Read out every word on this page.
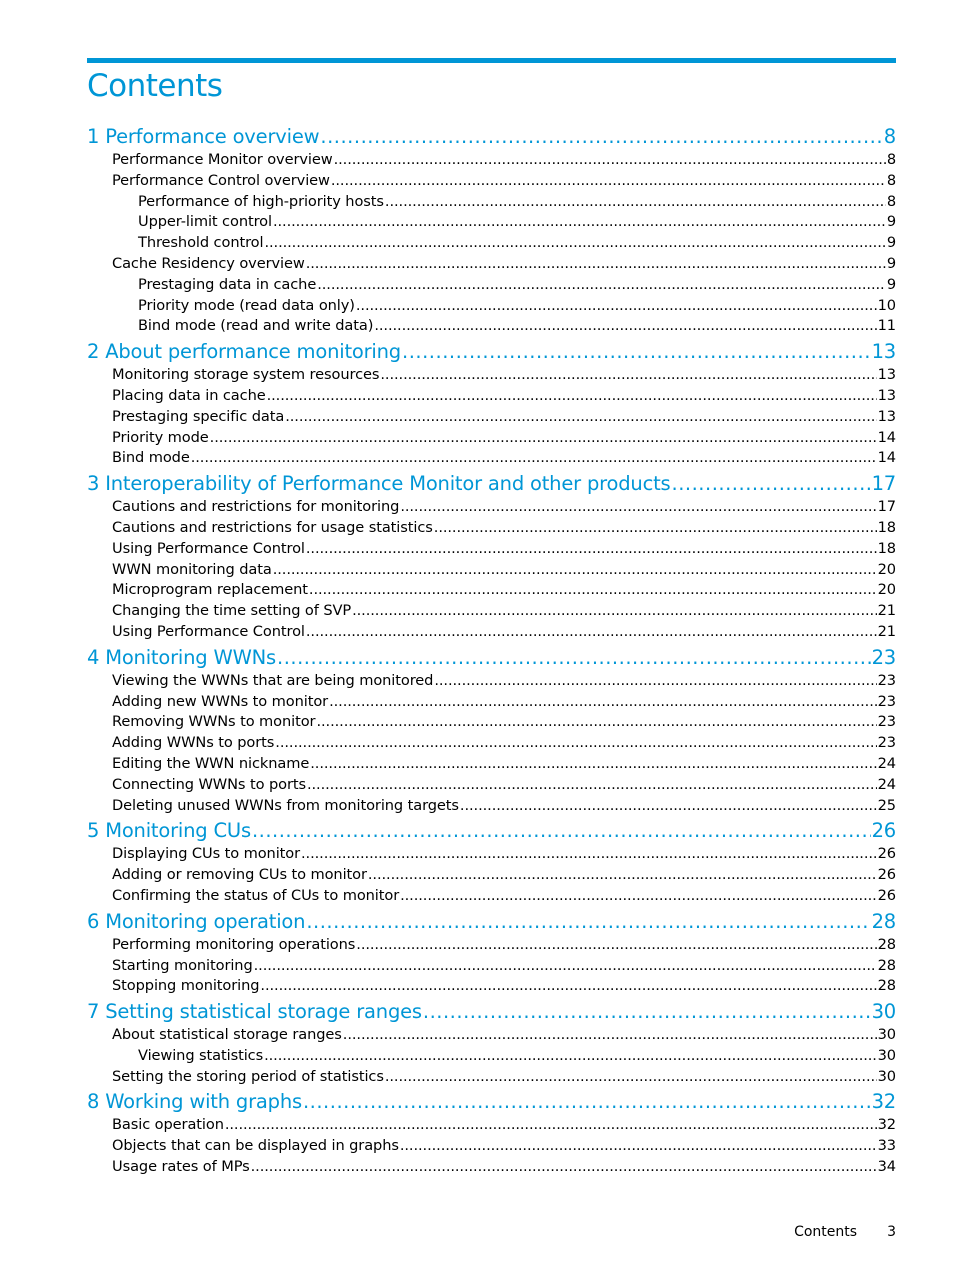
Contents
1 Performance overview .....	8
Performance Monitor overview .....	8
Performance Control overview .....	8
Performance of high-priority hosts .....	8
Upper-limit control .....	9
Threshold control .....	9
Cache Residency overview .....	9
Prestaging data in cache .....	9
Priority mode (read data only) .....	10
Bind mode (read and write data) .....	11
2 About performance monitoring .....	13
Monitoring storage system resources .....	13
Placing data in cache .....	13
Prestaging specific data .....	13
Priority mode .....	14
Bind mode .....	14
3 Interoperability of Performance Monitor and other products .....	17
Cautions and restrictions for monitoring .....	17
Cautions and restrictions for usage statistics .....	18
Using Performance Control .....	18
WWN monitoring data .....	20
Microprogram replacement .....	20
Changing the time setting of SVP .....	21
Using Performance Control .....	21
4 Monitoring WWNs .....	23
Viewing the WWNs that are being monitored .....	23
Adding new WWNs to monitor .....	23
Removing WWNs to monitor .....	23
Adding WWNs to ports .....	23
Editing the WWN nickname .....	24
Connecting WWNs to ports .....	24
Deleting unused WWNs from monitoring targets .....	25
5 Monitoring CUs .....	26
Displaying CUs to monitor .....	26
Adding or removing CUs to monitor .....	26
Confirming the status of CUs to monitor .....	26
6 Monitoring operation .....	28
Performing monitoring operations .....	28
Starting monitoring .....	28
Stopping monitoring .....	28
7 Setting statistical storage ranges .....	30
About statistical storage ranges .....	30
Viewing statistics .....	30
Setting the storing period of statistics .....	30
8 Working with graphs .....	32
Basic operation .....	32
Objects that can be displayed in graphs .....	33
Usage rates of MPs .....	34
Contents 3
